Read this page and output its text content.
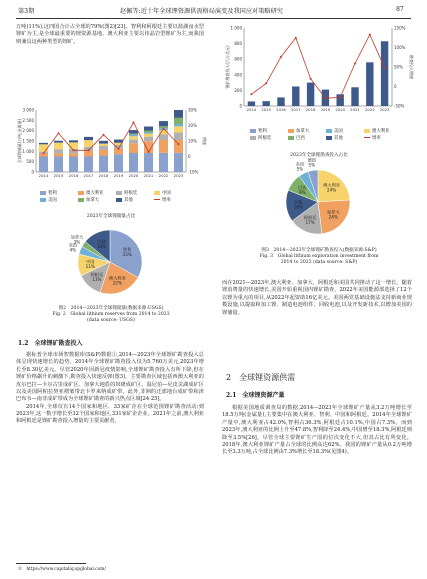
第3期	赵佩等:近十年全球锂资源供需格局演变及我国应对策略研究	87

万吨(11%),这四国合计占全球的79%(图2)[23]。智利和阿根廷主要以盐湖卤水型锂矿为主,是全球最重要的锂资源基地。澳大利亚主要以伟晶岩型锂矿为主,而我国则兼具这两种类型的锂矿。

0
500
1 000
1 500
2 000
2 500
3 000
-10%
0
10%
20%
30%
全球锂储量(万吨,金属量)	增速
2014 2015 2016 2017 2018 2019 2020 2021 2022 2023
智利	澳大利亚	阿根廷	中国美国	加拿大	其他	增率
2023年全球锂储量占比
智利
33%
澳大利亚
22%
阿根廷
13%
中国
11%
美国
4%
加拿大
3%	其他
14%
图2　2014—2023年全球锂储量(数据来源:USGS)
Fig. 2　Global lithium reserves from 2014 to 2023
(data source: USGS)
1.2　全球锂矿勘查投入

据标普全球市场智数据库(S&P)数据①,2014—2023年全球锂矿勘查投入总体呈现快速增长的趋势。2014年全球锂矿勘查投入仅为5 760万美元,2023年增长至8.30亿美元。尽管2020年因新冠疫情影响,全球锂矿勘查投入有所下降,但在锂矿价格飙升的刺激下,勘查投入快速反弹(图3)。主要勘查区域包括西澳大利亚的皮尔巴拉—卡尔古里成矿区、加拿大地盾的奴隆成矿区、温尼伯—尼皮贡湖成矿区以及美国阿帕拉契亚褶皱带北卡罗来纳成矿带。此外,非洲的迁部地台成矿带和津巴布韦—南非成矿带成为全球锂矿勘查的新兴热点区域[24-25]。

2014年,全球仅有14个国家和地区、33家矿企在全球范围锂矿勘查活动;到2023年,这一数字增长至32个国家和地区,331家矿企企业。2021年之前,澳大利亚和阿根廷是锂矿勘查投入增量的主要贡献者,

①　https://www.capitaliq.spglobal.com/
0
200
400
600
800
1 000
-50%
0
50%
100%
150%
锂矿勘查投入(百万美元)	勘查投入增速
2014 2015 2016 2017 2018 2019 2020 2021 2022 2023
智利	加拿大	美国	澳大利亚阿根廷	巴西	其他	增率
2023年全球锂勘查投入占比
澳大利亚
24%
加拿大
24%
阿根廷
17%
其他
16%
巴西
9%
美国
5%
德国
5%
图3　2014—2023年全球锂矿勘查投入(数据来源:S&P)
Fig. 3　Global lithium exploration investment from
2014 to 2023 (data source: S&P)

而在2021—2023年,澳大利亚、加拿大、阿根廷和美国共同推动了这一增长。随着锂消费量的快速增长,美国开始重视国内锂矿勘查。2022年美国能源部选择了12个以锂为重点的项目,从2022年起资助16亿美元。美国两党基础设施法支持新商业规模设施,以提取和加工锂、制造电池组件、回收电池,以及开发新技术,以增加美国的锂储量。

2　全球锂资源供需
2.1　全球锂资源产量

根据美国地质调查局的数据,2014—2023年全球锂矿产量从3.2万吨增长至18.5万吨(金属量),主要集中在澳大利亚、智利、中国和阿根廷。2014年全球锂矿产量中,澳大利亚占42.0%,智利占36.3%,阿根廷占10.1%,中国占7.3%。而到2023年,澳大利亚的比例上升至47.8%,智利降至24.4%,中国增至18.3%,阿根廷则降至3.5%[26]。尽管全球主要锂矿生产国的位次变化不大,但其占比有所变化。2018年,澳大利亚锂矿产量占全球的比例高达62%。我国的锂矿产量从0.2万吨增长至3.3万吨,占全球比例由7.3%增长至18.3%(见图4)。
